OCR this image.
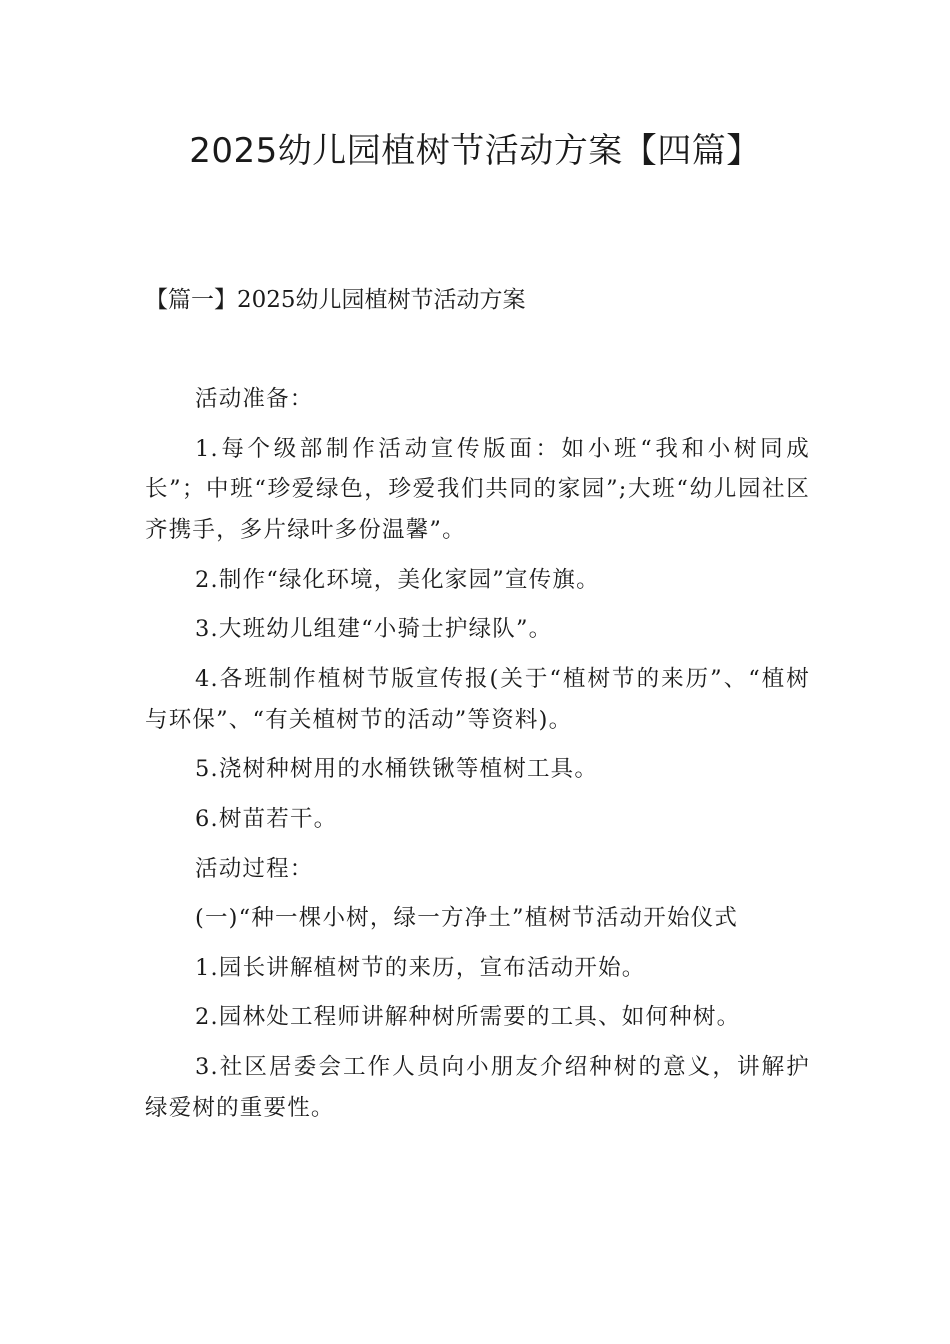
2025幼儿园植树节活动方案【四篇】
【篇一】2025幼儿园植树节活动方案

活动准备：

1.每个级部制作活动宣传版面：如小班“我和小树同成长”；中班“珍爱绿色，珍爱我们共同的家园”;大班“幼儿园社区齐携手，多片绿叶多份温馨”。

2.制作“绿化环境，美化家园”宣传旗。

3.大班幼儿组建“小骑士护绿队”。

4.各班制作植树节版宣传报(关于“植树节的来历”、“植树与环保”、“有关植树节的活动”等资料)。

5.浇树种树用的水桶铁锹等植树工具。

6.树苗若干。

活动过程：

(一)“种一棵小树，绿一方净土”植树节活动开始仪式

1.园长讲解植树节的来历，宣布活动开始。

2.园林处工程师讲解种树所需要的工具、如何种树。

3.社区居委会工作人员向小朋友介绍种树的意义，讲解护绿爱树的重要性。
